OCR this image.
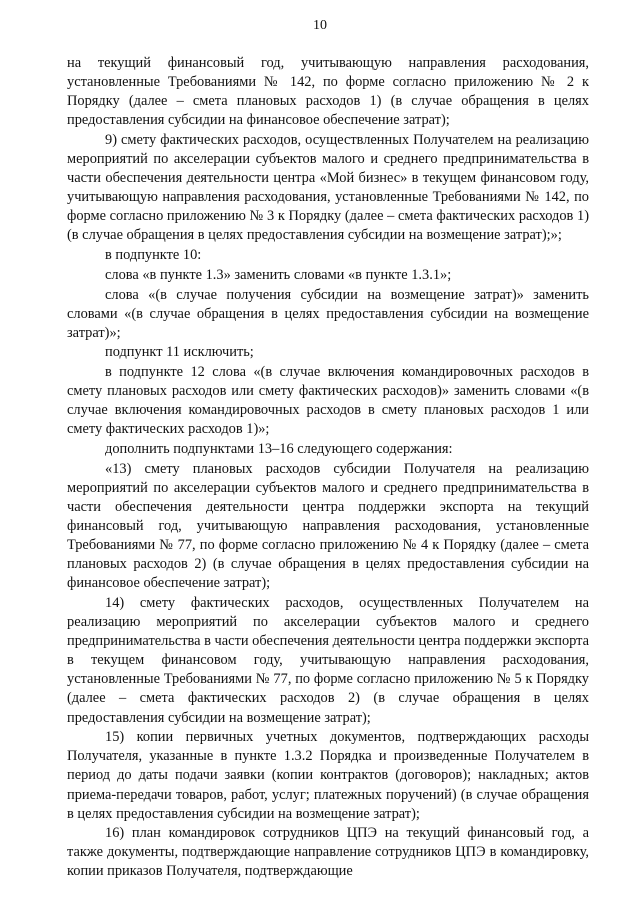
10

на текущий финансовый год, учитывающую направления расходования, установленные Требованиями № 142, по форме согласно приложению № 2 к Порядку (далее – смета плановых расходов 1) (в случае обращения в целях предоставления субсидии на финансовое обеспечение затрат);

9) смету фактических расходов, осуществленных Получателем на реализацию мероприятий по акселерации субъектов малого и среднего предпринимательства в части обеспечения деятельности центра «Мой бизнес» в текущем финансовом году, учитывающую направления расходования, установленные Требованиями № 142, по форме согласно приложению № 3 к Порядку (далее – смета фактических расходов 1) (в случае обращения в целях предоставления субсидии на возмещение затрат);»;

в подпункте 10:

слова «в пункте 1.3» заменить словами «в пункте 1.3.1»;

слова «(в случае получения субсидии на возмещение затрат)» заменить словами «(в случае обращения в целях предоставления субсидии на возмещение затрат)»;

подпункт 11 исключить;

в подпункте 12 слова «(в случае включения командировочных расходов в смету плановых расходов или смету фактических расходов)» заменить словами «(в случае включения командировочных расходов в смету плановых расходов 1 или смету фактических расходов 1)»;

дополнить подпунктами 13–16 следующего содержания:

«13) смету плановых расходов субсидии Получателя на реализацию мероприятий по акселерации субъектов малого и среднего предпринимательства в части обеспечения деятельности центра поддержки экспорта на текущий финансовый год, учитывающую направления расходования, установленные Требованиями № 77, по форме согласно приложению № 4 к Порядку (далее – смета плановых расходов 2) (в случае обращения в целях предоставления субсидии на финансовое обеспечение затрат);

14) смету фактических расходов, осуществленных Получателем на реализацию мероприятий по акселерации субъектов малого и среднего предпринимательства в части обеспечения деятельности центра поддержки экспорта в текущем финансовом году, учитывающую направления расходования, установленные Требованиями № 77, по форме согласно приложению № 5 к Порядку (далее – смета фактических расходов 2) (в случае обращения в целях предоставления субсидии на возмещение затрат);

15) копии первичных учетных документов, подтверждающих расходы Получателя, указанные в пункте 1.3.2 Порядка и произведенные Получателем в период до даты подачи заявки (копии контрактов (договоров); накладных; актов приема-передачи товаров, работ, услуг; платежных поручений) (в случае обращения в целях предоставления субсидии на возмещение затрат);

16) план командировок сотрудников ЦПЭ на текущий финансовый год, а также документы, подтверждающие направление сотрудников ЦПЭ в командировку, копии приказов Получателя, подтверждающие
